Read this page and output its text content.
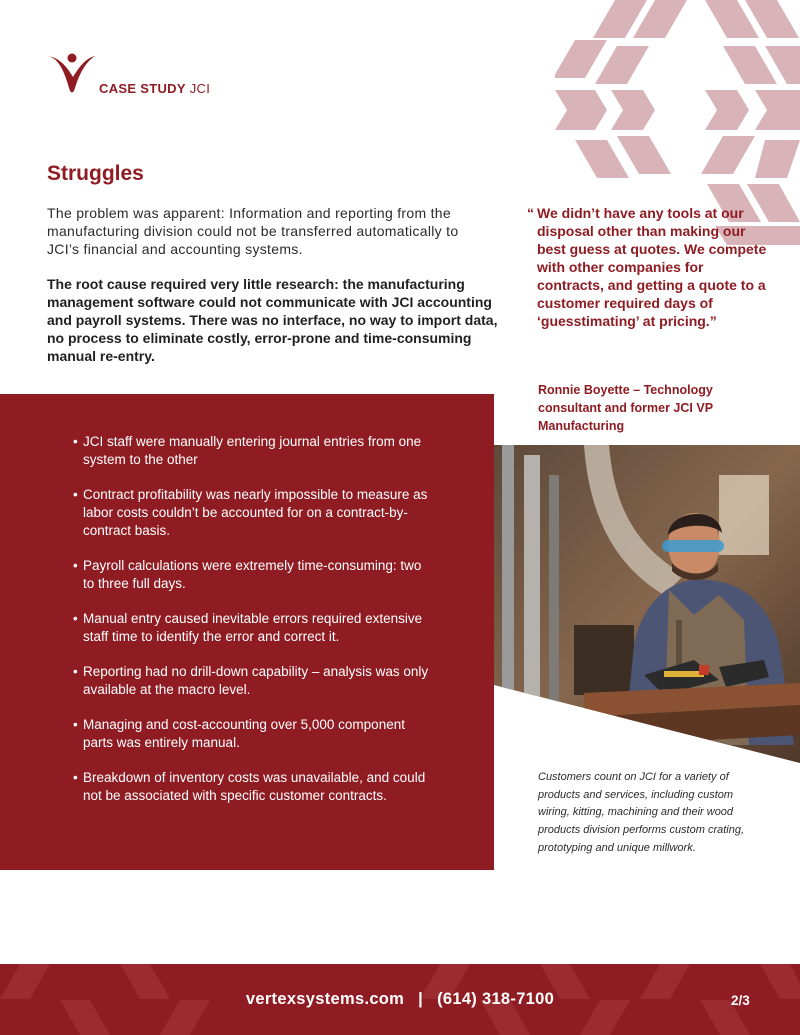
CASE STUDY JCI
Struggles

The problem was apparent: Information and reporting from the manufacturing division could not be transferred automatically to JCI’s financial and accounting systems.

The root cause required very little research: the manufacturing management software could not communicate with JCI accounting and payroll systems. There was no interface, no way to import data, no process to eliminate costly, error-prone and time-consuming manual re-entry.

“ We didn’t have any tools at our disposal other than making our best guess at quotes. We compete with other companies for contracts, and getting a quote to a customer required days of ‘guesstimating’ at pricing.”

Ronnie Boyette – Technology consultant and former JCI VP Manufacturing

• JCI staff were manually entering journal entries from one system to the other
• Contract profitability was nearly impossible to measure as labor costs couldn’t be accounted for on a contract-by-contract basis.
• Payroll calculations were extremely time-consuming: two to three full days.
• Manual entry caused inevitable errors required extensive staff time to identify the error and correct it.
• Reporting had no drill-down capability – analysis was only available at the macro level.
• Managing and cost-accounting over 5,000 component parts was entirely manual.
• Breakdown of inventory costs was unavailable, and could not be associated with specific customer contracts.

Customers count on JCI for a variety of products and services, including custom wiring, kitting, machining and their wood products division performs custom crating, prototyping and unique millwork.

vertexsystems.com | (614) 318-7100	2/3
